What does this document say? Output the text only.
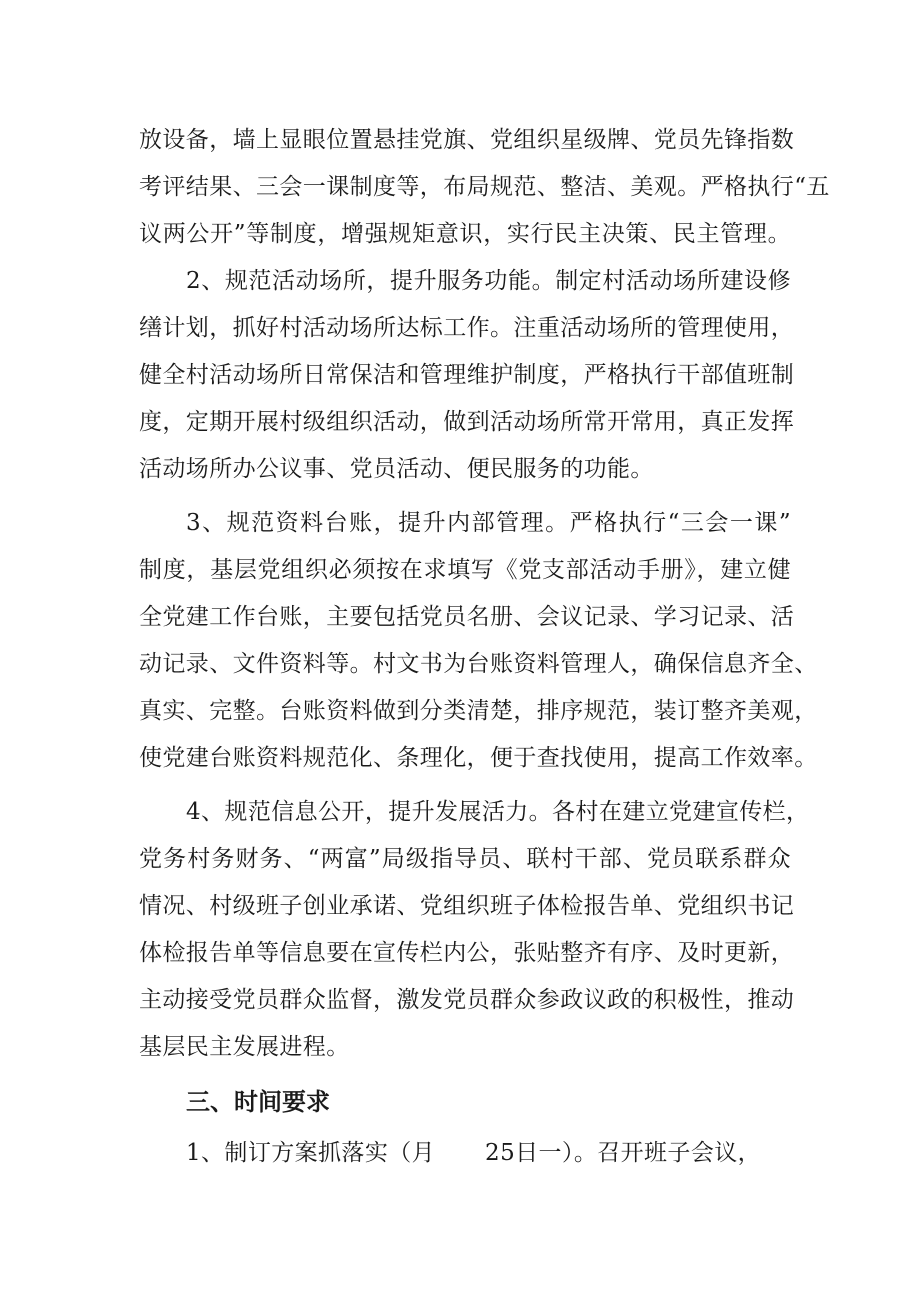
放设备，墙上显眼位置悬挂党旗、党组织星级牌、党员先锋指数

考评结果、三会一课制度等，布局规范、整洁、美观。严格执行“五

议两公开”等制度，增强规矩意识，实行民主决策、民主管理。

2、规范活动场所，提升服务功能。制定村活动场所建设修

缮计划，抓好村活动场所达标工作。注重活动场所的管理使用，

健全村活动场所日常保洁和管理维护制度，严格执行干部值班制

度，定期开展村级组织活动，做到活动场所常开常用，真正发挥

活动场所办公议事、党员活动、便民服务的功能。

3、规范资料台账，提升内部管理。严格执行“三会一课”

制度，基层党组织必须按在求填写《党支部活动手册》，建立健

全党建工作台账，主要包括党员名册、会议记录、学习记录、活

动记录、文件资料等。村文书为台账资料管理人，确保信息齐全、

真实、完整。台账资料做到分类清楚，排序规范，装订整齐美观，

使党建台账资料规范化、条理化，便于查找使用，提高工作效率。

4、规范信息公开，提升发展活力。各村在建立党建宣传栏，

党务村务财务、“两富”局级指导员、联村干部、党员联系群众

情况、村级班子创业承诺、党组织班子体检报告单、党组织书记

体检报告单等信息要在宣传栏内公，张贴整齐有序、及时更新，

主动接受党员群众监督，激发党员群众参政议政的积极性，推动

基层民主发展进程。

三、时间要求

1、制订方案抓落实（月 25日一）。召开班子会议，
